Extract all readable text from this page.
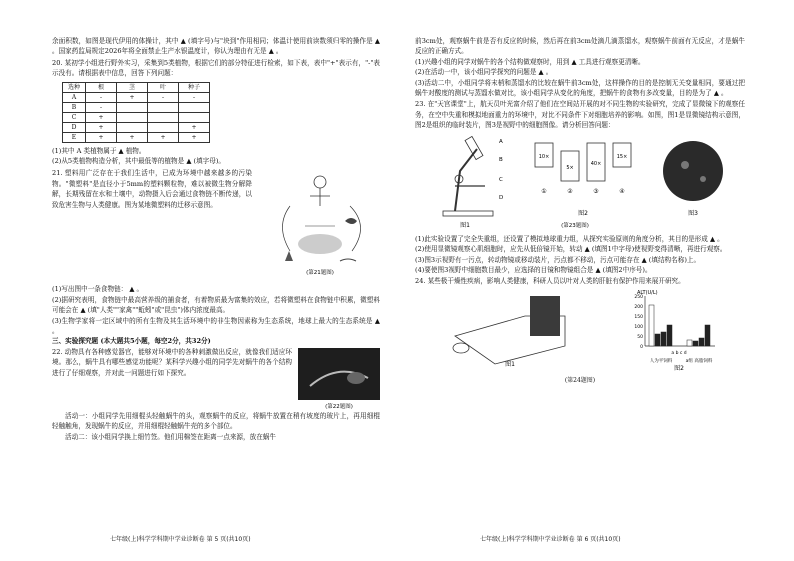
余面积数，如图是现代伊用的体操计，其中 ▲ (填字号)与"块到"作用相同；体温计使用前读数须归零的操作是 ▲ 。国家药监局规定2026年将全面禁止生产水银温度计，你认为理由有无是 ▲ 。

20. 某初学小组进行野外实习，采集到5类植物，根据它们的部分特征进行检索，如下表，表中"+"表示有，"-"表示没有。请根据表中信息，回答下列问题：

选种	根	茎	叶	种子
A	-	+	-	-
B	-			
C	+			
D	+			+
E	+	+	+	+

(1)其中 A 类植物属于 ▲ 植物。

(2)从5类植物构造分析，其中最低等的植物是 ▲ (填字母)。

21. 塑料用广泛存在于我们生活中，已成为环境中越来越多的污染物。"微塑料"是直径小于5mm的塑料颗粒物，难以被微生物分解降解，长期残留在水和土壤中，动物摄入后会通过食物链不断传递，以致危害生物与人类健康。图为某地微塑料的迁移示意图。

(第21题图)

(1)写出图中一条食物链： ▲ 。

(2)据研究表明，食物链中最高营养级的捕食者，有着物质最为富集的效应，若将微塑料在食物链中积累，微塑料可能会在 ▲ (填"人类""家禽""蚯蚓"或"昆虫")体内浓度最高。

(3)生物学家将一定区域中的所有生物及其生活环境中的非生物因素称为生态系统，地球上最大的生态系统是 ▲ 。

三、实验探究题 (本大题共5小题，每空2分，共32分)

22. 动物具有各种感觉器官，能够对环境中的各种刺激做出反应，就像我们适应环境。那么，蜗牛具有哪些感觉功能呢？某科学兴趣小组的同学先对蜗牛的各个结构进行了仔细观察，并对此一问题进行如下探究。

(第22题图)

活动一：小组同学先用细棍头轻触蜗牛的头，观察蜗牛的反应，将蜗牛放置在稍有坡度的玻片上，再用细棍轻触触角，发现蜗牛的反应，并用细棍轻触蜗牛壳的多个部位。

活动二：该小组同学换上细竹签。他们用棉签在距离一点来源，放在蜗牛

七年级(上)科学学科期中学业诊断卷 第 5 页(共10页)

前3cm处，观察蜗牛前是否有反应的时候，然后再在前3cm处滴几滴蒸馏水，观察蜗牛前面有无反应，才是蜗牛反应的正确方式。

(1)兴趣小组的同学对蜗牛的各个结构做观察时，用到 ▲ 工具进行观察更清晰。

(2)在活动一中，该小组同学探究的问题是 ▲ 。

(3)活动二中，小组同学将末梢和蒸馏水的比较在蜗牛前3cm处，这样操作的目的是控制无关变量相同，要通过把蜗牛对酸度的测试与蒸馏水做对比，该小组同学从变化的角度，把蜗牛的食物有多改变量，目的是为了 ▲ 。

23. 在"天宫课堂"上，航天员叶光富介绍了他们在空间站开展的对不同生物的实验研究，完成了显微镜下的观察任务，在空中失重和模拟地面重力的环境中，对比不同条件下对细胞培养的影响。如图，图1是显微镜结构示意图，图2是组织的临时装片，图3是视野中的细胞图像。请分析回答问题：

A
B
C
D
图1
10×
5×
40×
15×
①	②	③	④
图2	图3
(第23题图)

(1)此实验设置了完全失重组，还设置了模拟地球重力组，从探究实验原则的角度分析，其目的是形成 ▲ 。

(2)使用显微镜观察心肌细胞时，应先从低倍镜开始，转动 ▲ (填图1中字母)使视野变得清晰，再进行观察。

(3)图3示视野有一污点，转动物镜或移动装片，污点都不移动，污点可能存在 ▲ (填结构名称)上。

(4)要使图3视野中细胞数目最少，应选择的目镜和物镜组合是 ▲ (填图2中序号)。

24. 某些极干燥性疾病，影响人类健康，科研人员以叶对人类的肝脏有保护作用来展开研究。

图1
ALT(U/L)
250
200
150
100
50
0
a b c d
人为平饲料	a组 高脂饲料
图2

(第24题图)

七年级(上)科学学科期中学业诊断卷 第 6 页(共10页)
